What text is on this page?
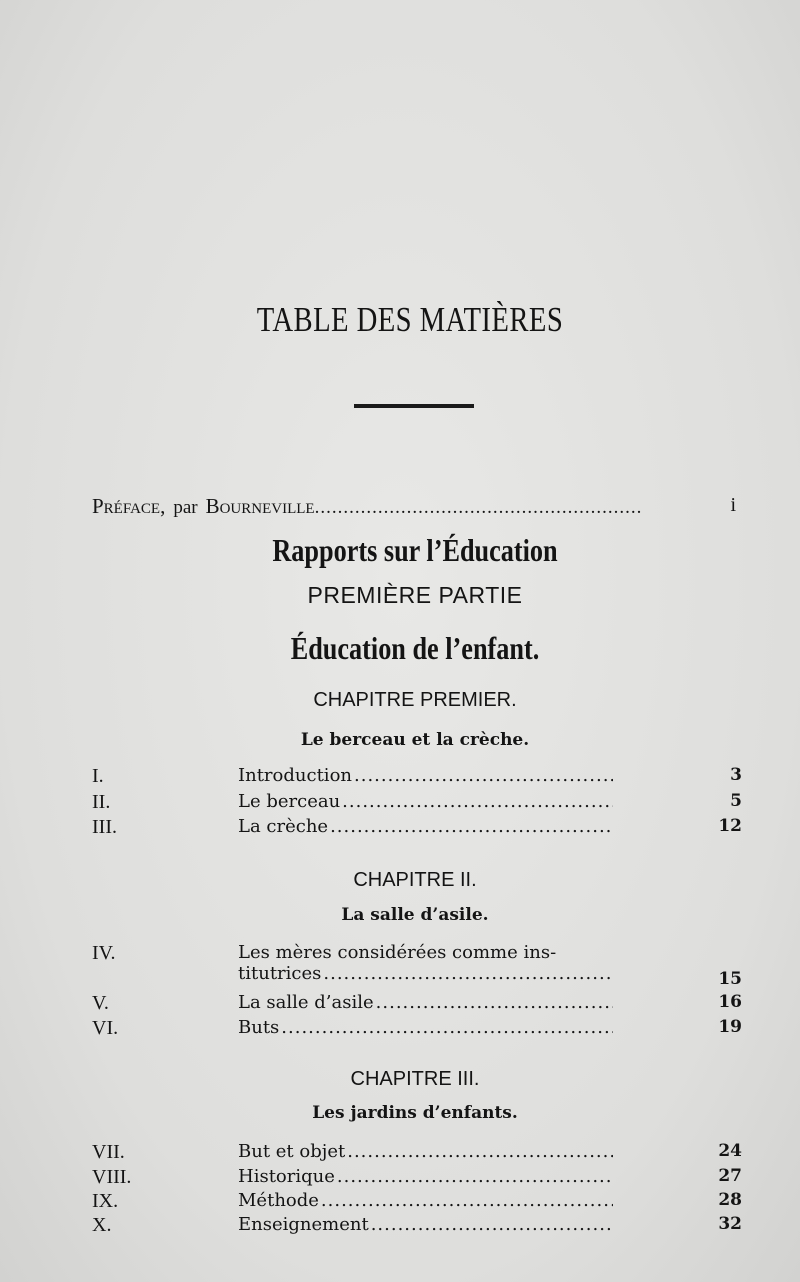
TABLE DES MATIÈRES
Préface, par Bourneville .....	i
Rapports sur l’Éducation
PREMIÈRE PARTIE
Éducation de l’enfant.
CHAPITRE PREMIER.
Le berceau et la crèche.
I.	Introduction .....	3
II.	Le berceau .....	5
III.	La crèche .....	12
CHAPITRE II.
La salle d’asile.
IV.	Les mères considérées comme ins-
titutrices .....	15
V.	La salle d’asile .....	16
VI.	Buts .....	19
CHAPITRE III.
Les jardins d’enfants.
VII.	But et objet .....	24
VIII.	Historique .....	27
IX.	Méthode .....	28
X.	Enseignement .....	32
